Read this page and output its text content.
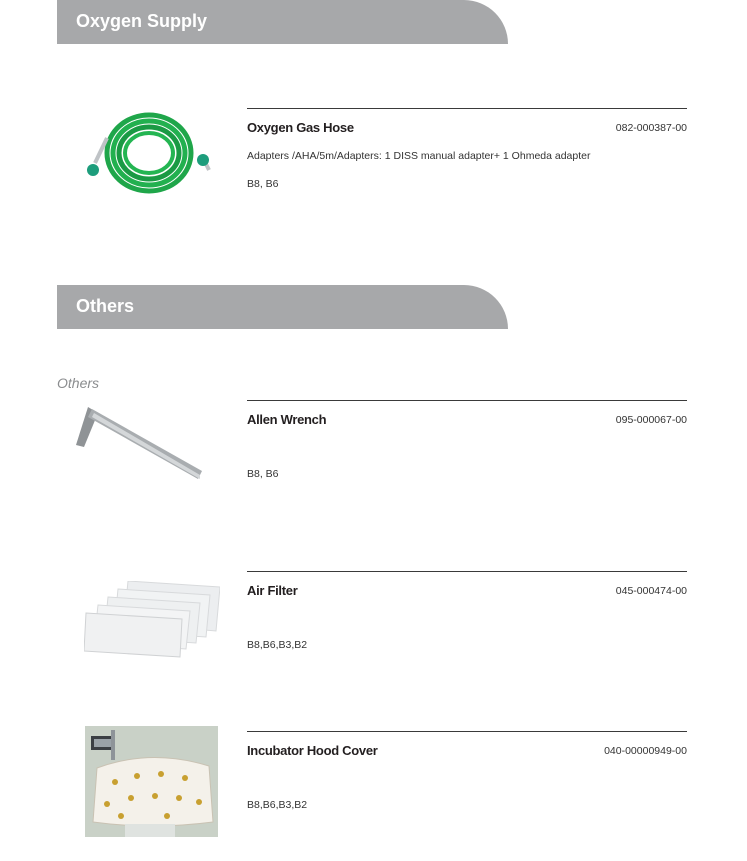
Oxygen Supply
Oxygen Gas Hose	082-000387-00
Adapters /AHA/5m/Adapters: 1 DISS manual adapter+ 1 Ohmeda adapter
B8, B6
Others
Others
Allen Wrench	095-000067-00
B8, B6
Air Filter	045-000474-00
B8,B6,B3,B2
Incubator Hood Cover	040-00000949-00
B8,B6,B3,B2
